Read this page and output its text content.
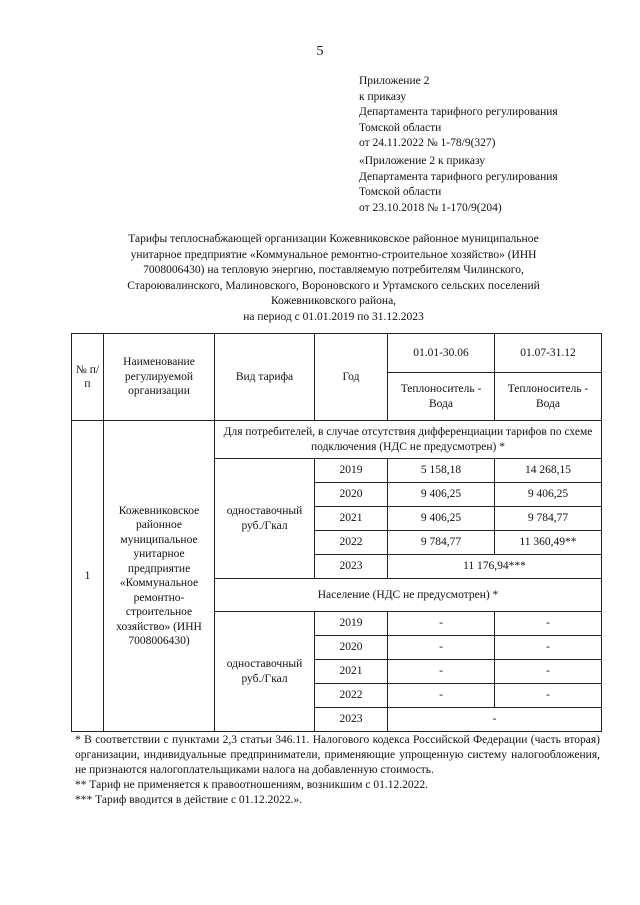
5
Приложение 2
к приказу
Департамента тарифного регулирования
Томской области
от 24.11.2022 № 1-78/9(327)
«Приложение 2 к приказу
Департамента тарифного регулирования
Томской области
от 23.10.2018 № 1-170/9(204)
Тарифы теплоснабжающей организации Кожевниковское районное муниципальное
унитарное предприятие «Коммунальное ремонтно-строительное хозяйство» (ИНН
7008006430) на тепловую энергию, поставляемую потребителям Чилинского,
Староювалинского, Малиновского, Вороновского и Уртамского сельских поселений
Кожевниковского района,
на период с 01.01.2019 по 31.12.2023
№ п/п	Наименование регулируемой организации	Вид тарифа	Год	01.01-30.06	01.07-31.12
				Теплоноситель - Вода	Теплоноситель - Вода
1	Кожевниковское районное муниципальное унитарное предприятие «Коммунальное ремонтно-строительное хозяйство» (ИНН 7008006430)	Для потребителей, в случае отсутствия дифференциации тарифов по схеме подключения (НДС не предусмотрен) *			
		одноставочный руб./Гкал	2019	5 158,18	14 268,15
			2020	9 406,25	9 406,25
			2021	9 406,25	9 784,77
			2022	9 784,77	11 360,49**
			2023	11 176,94***	
		Население (НДС не предусмотрен) *			
		одноставочный руб./Гкал	2019	-	-
			2020	-	-
			2021	-	-
			2022	-	-
			2023	-	
* В соответствии с пунктами 2,3 статьи 346.11. Налогового кодекса Российской Федерации (часть вторая) организации, индивидуальные предприниматели, применяющие упрощенную систему налогообложения, не признаются налогоплательщиками налога на добавленную стоимость.
** Тариф не применяется к правоотношениям, возникшим с 01.12.2022.
*** Тариф вводится в действие с 01.12.2022.».
